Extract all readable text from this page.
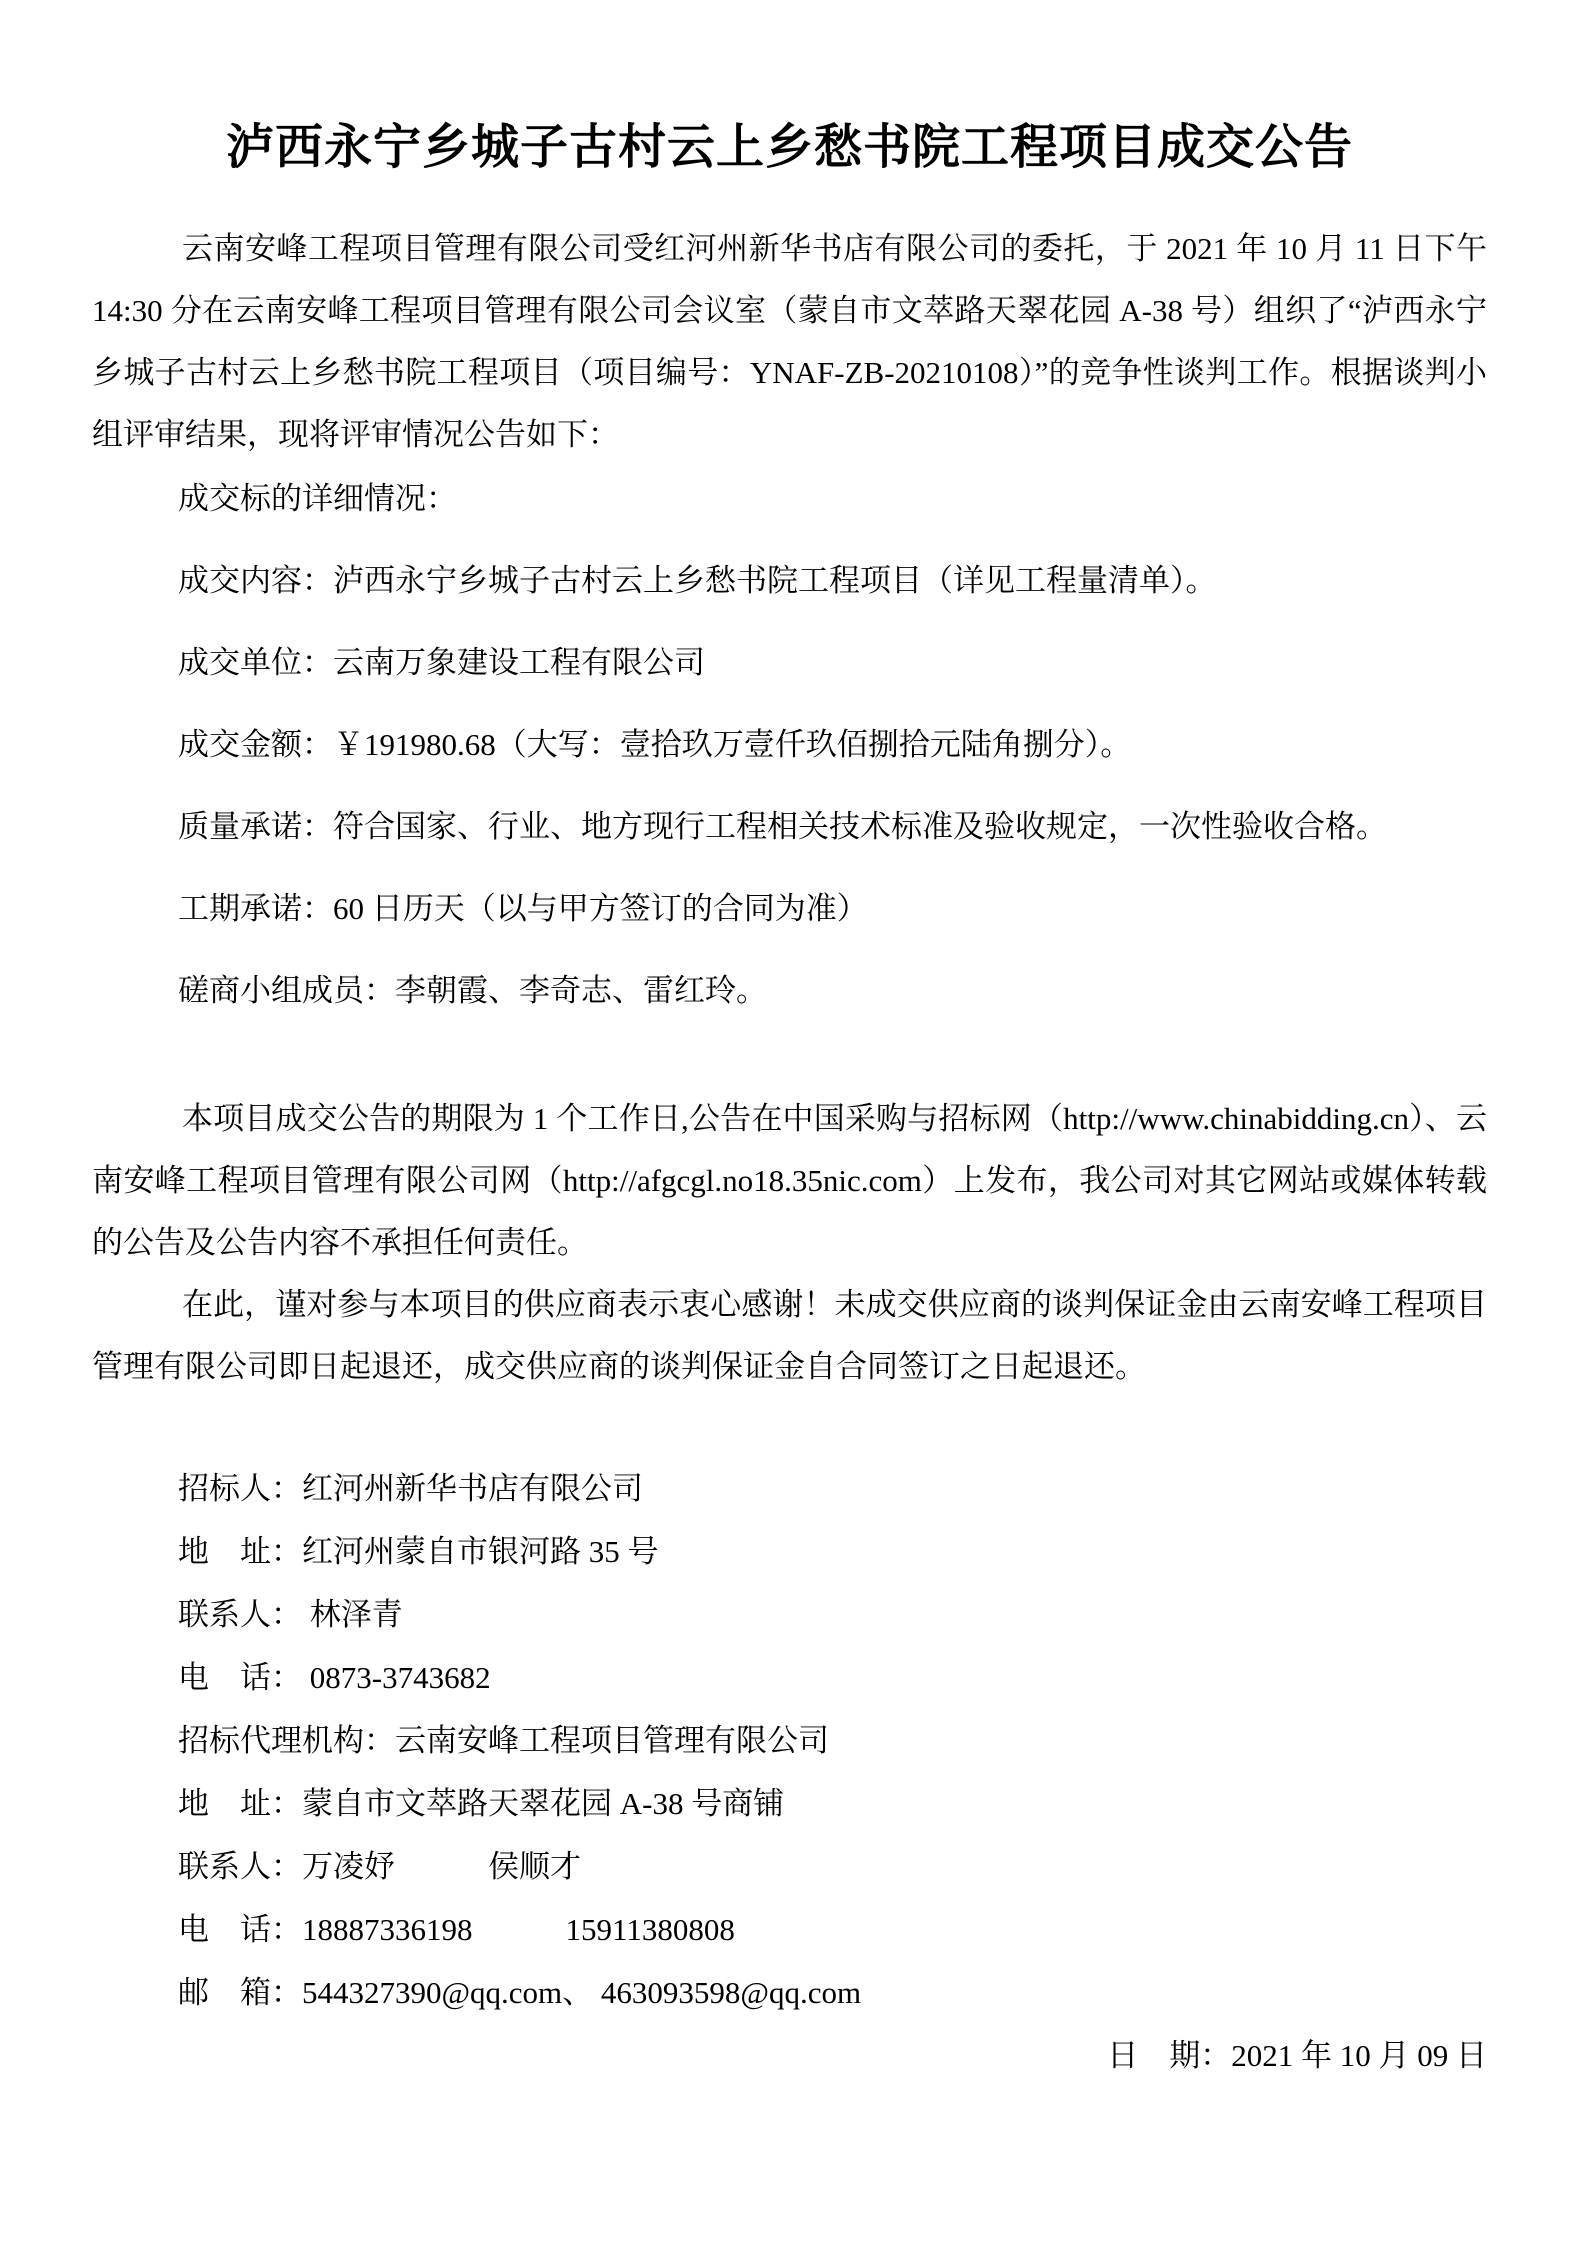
泸西永宁乡城子古村云上乡愁书院工程项目成交公告

云南安峰工程项目管理有限公司受红河州新华书店有限公司的委托，于 2021 年 10 月 11 日下午 14:30 分在云南安峰工程项目管理有限公司会议室（蒙自市文萃路天翠花园 A-38 号）组织了“泸西永宁乡城子古村云上乡愁书院工程项目（项目编号：YNAF-ZB-20210108）”的竞争性谈判工作。根据谈判小组评审结果，现将评审情况公告如下：

成交标的详细情况：

成交内容：泸西永宁乡城子古村云上乡愁书院工程项目（详见工程量清单）。

成交单位：云南万象建设工程有限公司

成交金额：￥191980.68（大写：壹拾玖万壹仟玖佰捌拾元陆角捌分）。

质量承诺：符合国家、行业、地方现行工程相关技术标准及验收规定，一次性验收合格。

工期承诺：60 日历天（以与甲方签订的合同为准）

磋商小组成员：李朝霞、李奇志、雷红玲。

本项目成交公告的期限为 1 个工作日,公告在中国采购与招标网（http://www.chinabidding.cn）、云南安峰工程项目管理有限公司网（http://afgcgl.no18.35nic.com）上发布，我公司对其它网站或媒体转载的公告及公告内容不承担任何责任。

在此，谨对参与本项目的供应商表示衷心感谢！未成交供应商的谈判保证金由云南安峰工程项目管理有限公司即日起退还，成交供应商的谈判保证金自合同签订之日起退还。

招标人：红河州新华书店有限公司

地　址：红河州蒙自市银河路 35 号

联系人： 林泽青

电　话： 0873-3743682

招标代理机构：云南安峰工程项目管理有限公司

地　址：蒙自市文萃路天翠花园 A-38 号商铺

联系人：万凌妤　　　侯顺才

电　话：18887336198　　　15911380808

邮　箱：544327390@qq.com、 463093598@qq.com

日　期：2021 年 10 月 09 日
